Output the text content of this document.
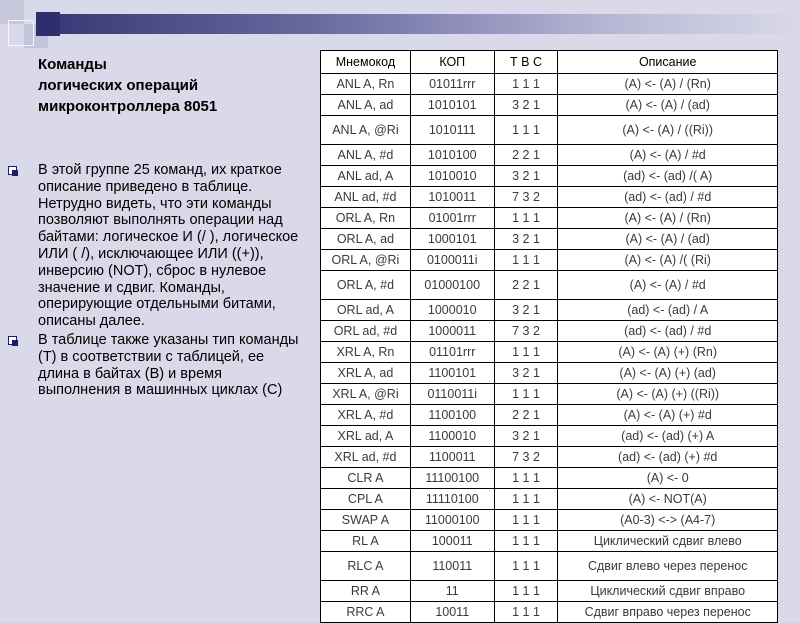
Команды
логических операций
микроконтроллера 8051
В этой группе 25 команд, их краткое описание приведено в таблице. Нетрудно видеть, что эти команды позволяют выполнять операции над байтами: логическое И (/ ), логическое ИЛИ ( /), исключающее ИЛИ ((+)), инверсию (NOT), сброс в нулевое значение и сдвиг. Команды, оперирующие отдельными битами, описаны далее.
В таблице также указаны тип команды (T) в соответствии с таблицей, ее длина в байтах (В) и время выполнения в машинных циклах (С)
Мнемокод	КОП	Т В С	Описание
ANL A, Rn	01011rrr	1 1 1	(A) <- (A) / (Rn)
ANL A, ad	1010101	3 2 1	(A) <- (A) / (ad)
ANL A, @Ri	1010111	1 1 1	(A) <- (A) / ((Ri))
ANL A, #d	1010100	2 2 1	(A) <- (A) / #d
ANL ad, A	1010010	3 2 1	(ad) <- (ad) /( A)
ANL ad, #d	1010011	7 3 2	(ad) <- (ad) / #d
ORL A, Rn	01001rrr	1 1 1	(A) <- (A) / (Rn)
ORL A, ad	1000101	3 2 1	(A) <- (A) / (ad)
ORL A, @Ri	0100011i	1 1 1	(A) <- (A) /( (Ri)
ORL A, #d	01000100	2 2 1	(A) <- (A) / #d
ORL ad, A	1000010	3 2 1	(ad) <- (ad) / A
ORL ad, #d	1000011	7 3 2	(ad) <- (ad) / #d
XRL A, Rn	01101rrr	1 1 1	(A) <- (A) (+) (Rn)
XRL A, ad	1100101	3 2 1	(A) <- (A) (+) (ad)
XRL A, @Ri	0110011i	1 1 1	(A) <- (A) (+) ((Ri))
XRL A, #d	1100100	2 2 1	(A) <- (A) (+) #d
XRL ad, A	1100010	3 2 1	(ad) <- (ad) (+) A
XRL ad, #d	1100011	7 3 2	(ad) <- (ad) (+) #d
CLR A	11100100	1 1 1	(A) <- 0
CPL A	11110100	1 1 1	(A) <- NOT(A)
SWAP A	11000100	1 1 1	(A0-3) <-> (A4-7)
RL A	100011	1 1 1	Циклический сдвиг влево
RLC A	110011	1 1 1	Сдвиг влево через перенос
RR A	11	1 1 1	Циклический сдвиг вправо
RRC A	10011	1 1 1	Сдвиг вправо через перенос
